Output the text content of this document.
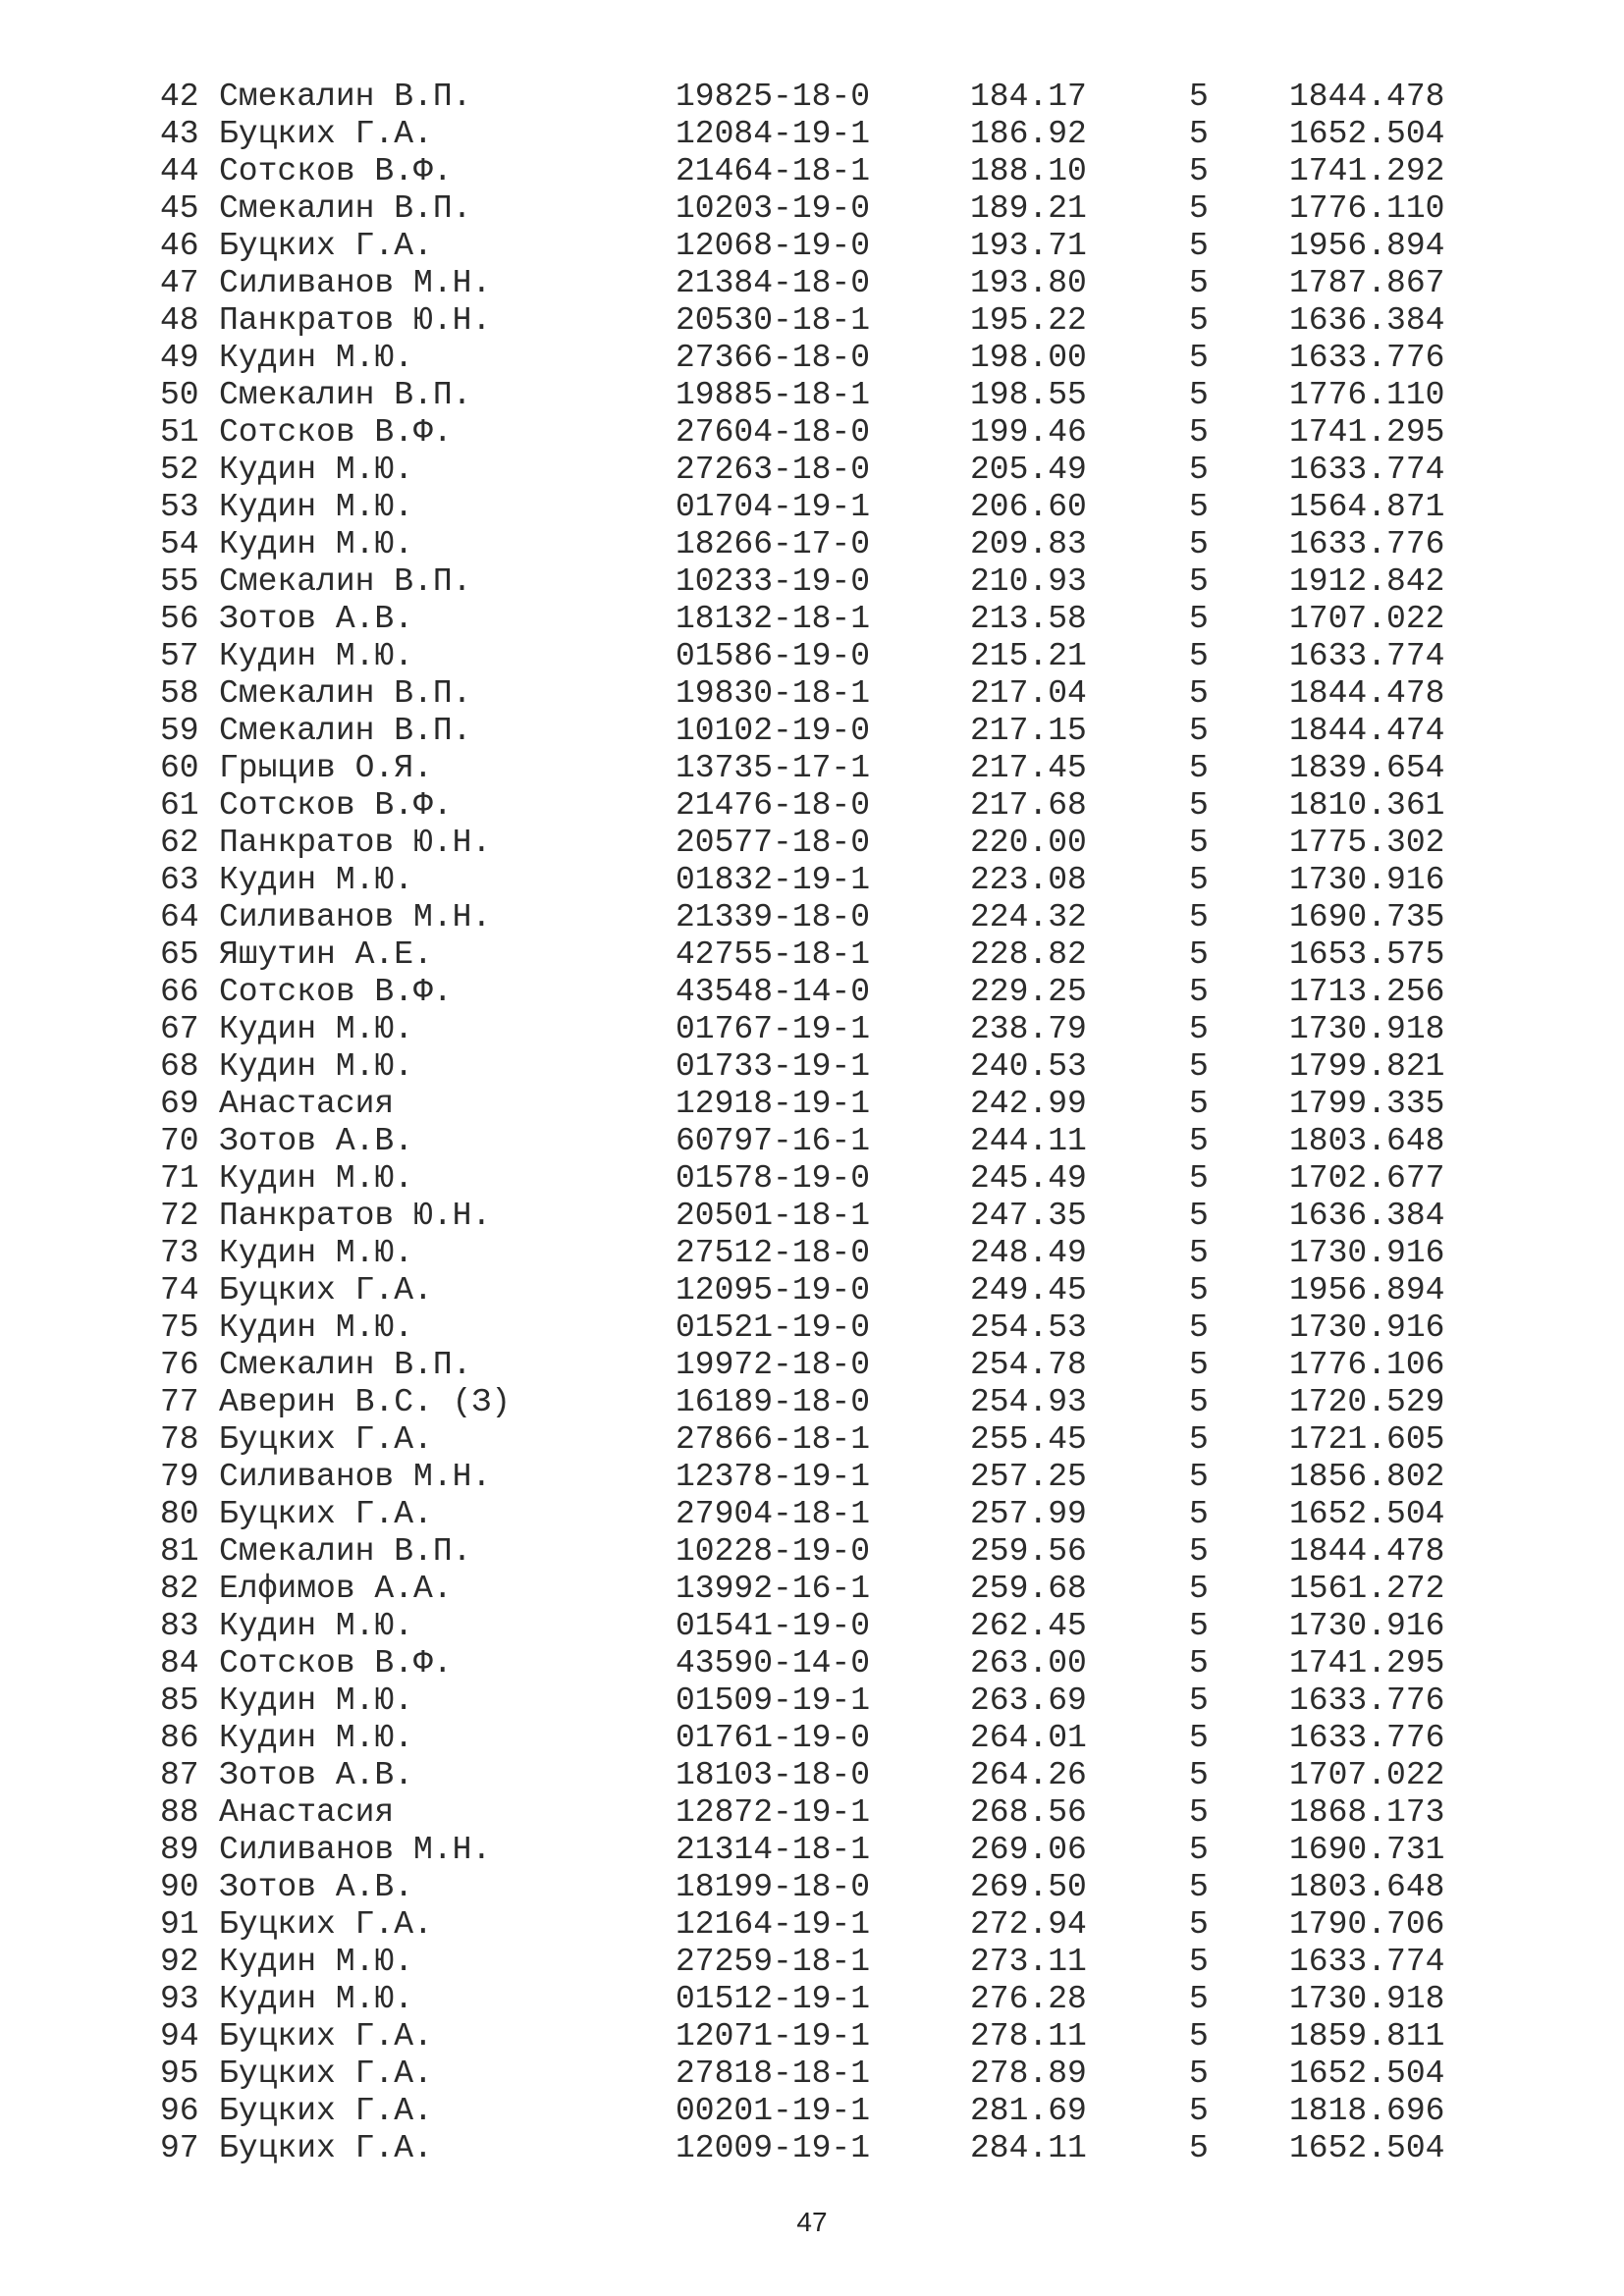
42 Смекалин В.П.	19825-18-0	184.17	5 1844.478
43 Буцких Г.А.	12084-19-1	186.92	5 1652.504
44 Сотсков В.Ф.	21464-18-1	188.10	5 1741.292
45 Смекалин В.П.	10203-19-0	189.21	5 1776.110
46 Буцких Г.А.	12068-19-0	193.71	5 1956.894
47 Силиванов М.Н.	21384-18-0	193.80	5 1787.867
48 Панкратов Ю.Н.	20530-18-1	195.22	5 1636.384
49 Кудин М.Ю.	27366-18-0	198.00	5 1633.776
50 Смекалин В.П.	19885-18-1	198.55	5 1776.110
51 Сотсков В.Ф.	27604-18-0	199.46	5 1741.295
52 Кудин М.Ю.	27263-18-0	205.49	5 1633.774
53 Кудин М.Ю.	01704-19-1	206.60	5 1564.871
54 Кудин М.Ю.	18266-17-0	209.83	5 1633.776
55 Смекалин В.П.	10233-19-0	210.93	5 1912.842
56 Зотов А.В.	18132-18-1	213.58	5 1707.022
57 Кудин М.Ю.	01586-19-0	215.21	5 1633.774
58 Смекалин В.П.	19830-18-1	217.04	5 1844.478
59 Смекалин В.П.	10102-19-0	217.15	5 1844.474
60 Грыцив О.Я.	13735-17-1	217.45	5 1839.654
61 Сотсков В.Ф.	21476-18-0	217.68	5 1810.361
62 Панкратов Ю.Н.	20577-18-0	220.00	5 1775.302
63 Кудин М.Ю.	01832-19-1	223.08	5 1730.916
64 Силиванов М.Н.	21339-18-0	224.32	5 1690.735
65 Яшутин А.Е.	42755-18-1	228.82	5 1653.575
66 Сотсков В.Ф.	43548-14-0	229.25	5 1713.256
67 Кудин М.Ю.	01767-19-1	238.79	5 1730.918
68 Кудин М.Ю.	01733-19-1	240.53	5 1799.821
69 Анастасия	12918-19-1	242.99	5 1799.335
70 Зотов А.В.	60797-16-1	244.11	5 1803.648
71 Кудин М.Ю.	01578-19-0	245.49	5 1702.677
72 Панкратов Ю.Н.	20501-18-1	247.35	5 1636.384
73 Кудин М.Ю.	27512-18-0	248.49	5 1730.916
74 Буцких Г.А.	12095-19-0	249.45	5 1956.894
75 Кудин М.Ю.	01521-19-0	254.53	5 1730.916
76 Смекалин В.П.	19972-18-0	254.78	5 1776.106
77 Аверин В.С. (З)	16189-18-0	254.93	5 1720.529
78 Буцких Г.А.	27866-18-1	255.45	5 1721.605
79 Силиванов М.Н.	12378-19-1	257.25	5 1856.802
80 Буцких Г.А.	27904-18-1	257.99	5 1652.504
81 Смекалин В.П.	10228-19-0	259.56	5 1844.478
82 Елфимов А.А.	13992-16-1	259.68	5 1561.272
83 Кудин М.Ю.	01541-19-0	262.45	5 1730.916
84 Сотсков В.Ф.	43590-14-0	263.00	5 1741.295
85 Кудин М.Ю.	01509-19-1	263.69	5 1633.776
86 Кудин М.Ю.	01761-19-0	264.01	5 1633.776
87 Зотов А.В.	18103-18-0	264.26	5 1707.022
88 Анастасия	12872-19-1	268.56	5 1868.173
89 Силиванов М.Н.	21314-18-1	269.06	5 1690.731
90 Зотов А.В.	18199-18-0	269.50	5 1803.648
91 Буцких Г.А.	12164-19-1	272.94	5 1790.706
92 Кудин М.Ю.	27259-18-1	273.11	5 1633.774
93 Кудин М.Ю.	01512-19-1	276.28	5 1730.918
94 Буцких Г.А.	12071-19-1	278.11	5 1859.811
95 Буцких Г.А.	27818-18-1	278.89	5 1652.504
96 Буцких Г.А.	00201-19-1	281.69	5 1818.696
97 Буцких Г.А.	12009-19-1	284.11	5 1652.504
47
